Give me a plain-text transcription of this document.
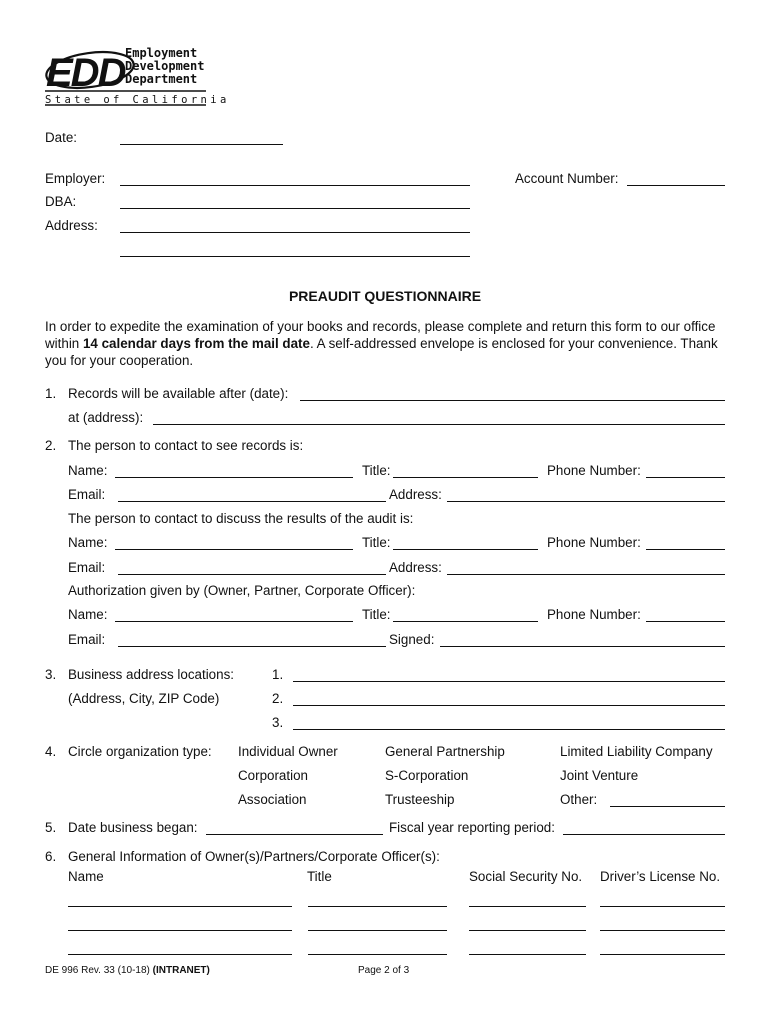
EDD Employment
Development
Department
State of California
Date:
Employer:	Account Number:
DBA:
Address:
PREAUDIT QUESTIONNAIRE
In order to expedite the examination of your books and records, please complete and return this form to our office within 14 calendar days from the mail date. A self-addressed envelope is enclosed for your convenience. Thank you for your cooperation.
1. Records will be available after (date):
at (address):
2. The person to contact to see records is:
Name:	Title:	Phone Number:
Email:	Address:
The person to contact to discuss the results of the audit is:
Name:	Title:	Phone Number:
Email:	Address:
Authorization given by (Owner, Partner, Corporate Officer):
Name:	Title:	Phone Number:
Email:	Signed:
3. Business address locations:
(Address, City, ZIP Code)
1.
2.
3.
4. Circle organization type: Individual Owner	General Partnership	Limited Liability Company
Corporation	S-Corporation	Joint Venture
Association	Trusteeship	Other:
5. Date business began:	Fiscal year reporting period:
6. General Information of Owner(s)/Partners/Corporate Officer(s):
Name	Title	Social Security No. Driver’s License No.
DE 996 Rev. 33 (10-18) (INTRANET)	Page 2 of 3
